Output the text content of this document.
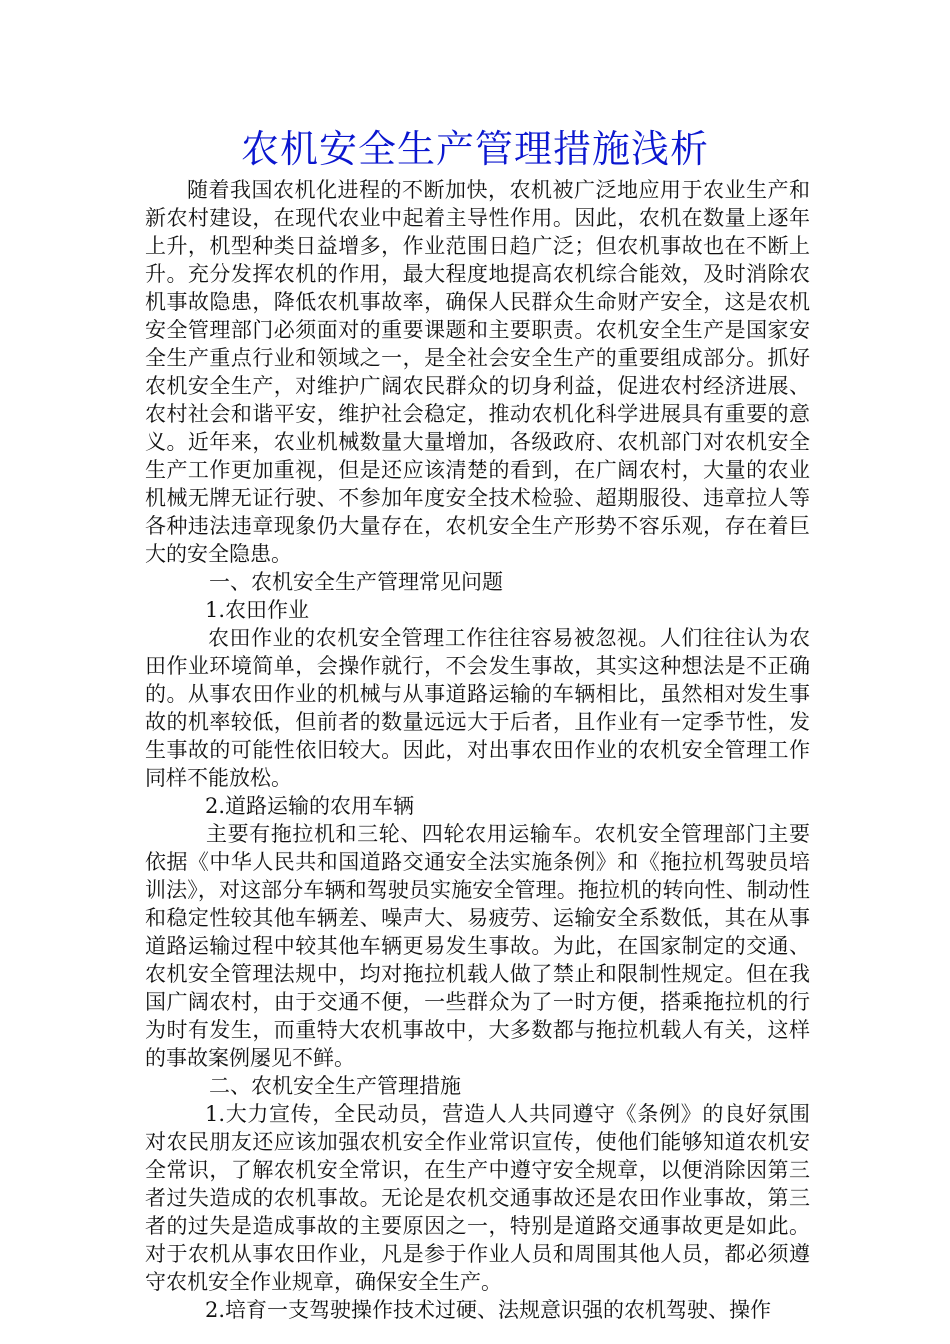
农机安全生产管理措施浅析

随着我国农机化进程的不断加快，农机被广泛地应用于农业生产和新农村建设，在现代农业中起着主导性作用。因此，农机在数量上逐年上升，机型种类日益增多，作业范围日趋广泛；但农机事故也在不断上升。充分发挥农机的作用，最大程度地提高农机综合能效，及时消除农机事故隐患，降低农机事故率，确保人民群众生命财产安全，这是农机安全管理部门必须面对的重要课题和主要职责。农机安全生产是国家安全生产重点行业和领域之一，是全社会安全生产的重要组成部分。抓好农机安全生产，对维护广阔农民群众的切身利益，促进农村经济进展、农村社会和谐平安，维护社会稳定，推动农机化科学进展具有重要的意义。近年来，农业机械数量大量增加，各级政府、农机部门对农机安全生产工作更加重视，但是还应该清楚的看到，在广阔农村，大量的农业机械无牌无证行驶、不参加年度安全技术检验、超期服役、违章拉人等各种违法违章现象仍大量存在，农机安全生产形势不容乐观，存在着巨大的安全隐患。

一、农机安全生产管理常见问题

1.农田作业

农田作业的农机安全管理工作往往容易被忽视。人们往往认为农田作业环境简单，会操作就行，不会发生事故，其实这种想法是不正确的。从事农田作业的机械与从事道路运输的车辆相比，虽然相对发生事故的机率较低，但前者的数量远远大于后者，且作业有一定季节性，发生事故的可能性依旧较大。因此，对出事农田作业的农机安全管理工作同样不能放松。

2.道路运输的农用车辆

主要有拖拉机和三轮、四轮农用运输车。农机安全管理部门主要依据《中华人民共和国道路交通安全法实施条例》和《拖拉机驾驶员培训法》，对这部分车辆和驾驶员实施安全管理。拖拉机的转向性、制动性和稳定性较其他车辆差、噪声大、易疲劳、运输安全系数低，其在从事道路运输过程中较其他车辆更易发生事故。为此，在国家制定的交通、农机安全管理法规中，均对拖拉机载人做了禁止和限制性规定。但在我国广阔农村，由于交通不便，一些群众为了一时方便，搭乘拖拉机的行为时有发生，而重特大农机事故中，大多数都与拖拉机载人有关，这样的事故案例屡见不鲜。

二、农机安全生产管理措施

1.大力宣传，全民动员，营造人人共同遵守《条例》的良好氛围对农民朋友还应该加强农机安全作业常识宣传，使他们能够知道农机安全常识，了解农机安全常识，在生产中遵守安全规章，以便消除因第三者过失造成的农机事故。无论是农机交通事故还是农田作业事故，第三者的过失是造成事故的主要原因之一，特别是道路交通事故更是如此。对于农机从事农田作业，凡是参于作业人员和周围其他人员，都必须遵守农机安全作业规章，确保安全生产。

2.培育一支驾驶操作技术过硬、法规意识强的农机驾驶、操作
